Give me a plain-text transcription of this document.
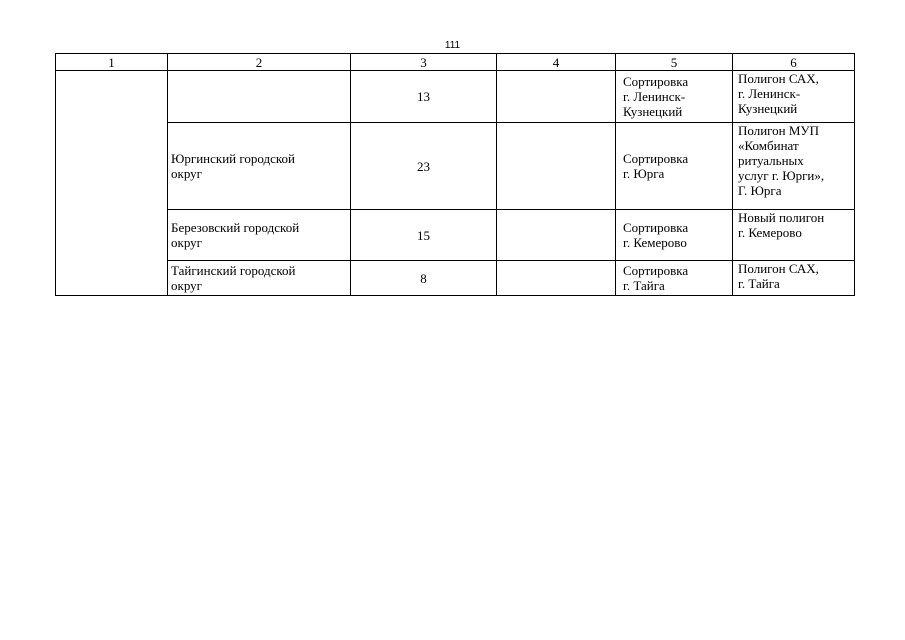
111
1	2	3	4	5	6
		13		Сортировка
г. Ленинск-
Кузнецкий	Полигон САХ,
г. Ленинск-
Кузнецкий
	Юргинский городской
округ	23		Сортировка
г. Юрга	Полигон МУП
«Комбинат
ритуальных
услуг г. Юрги»,
Г. Юрга
	Березовский городской
округ	15		Сортировка
г. Кемерово	Новый полигон
г. Кемерово
	Тайгинский городской
округ	8		Сортировка
г. Тайга	Полигон САХ,
г. Тайга
